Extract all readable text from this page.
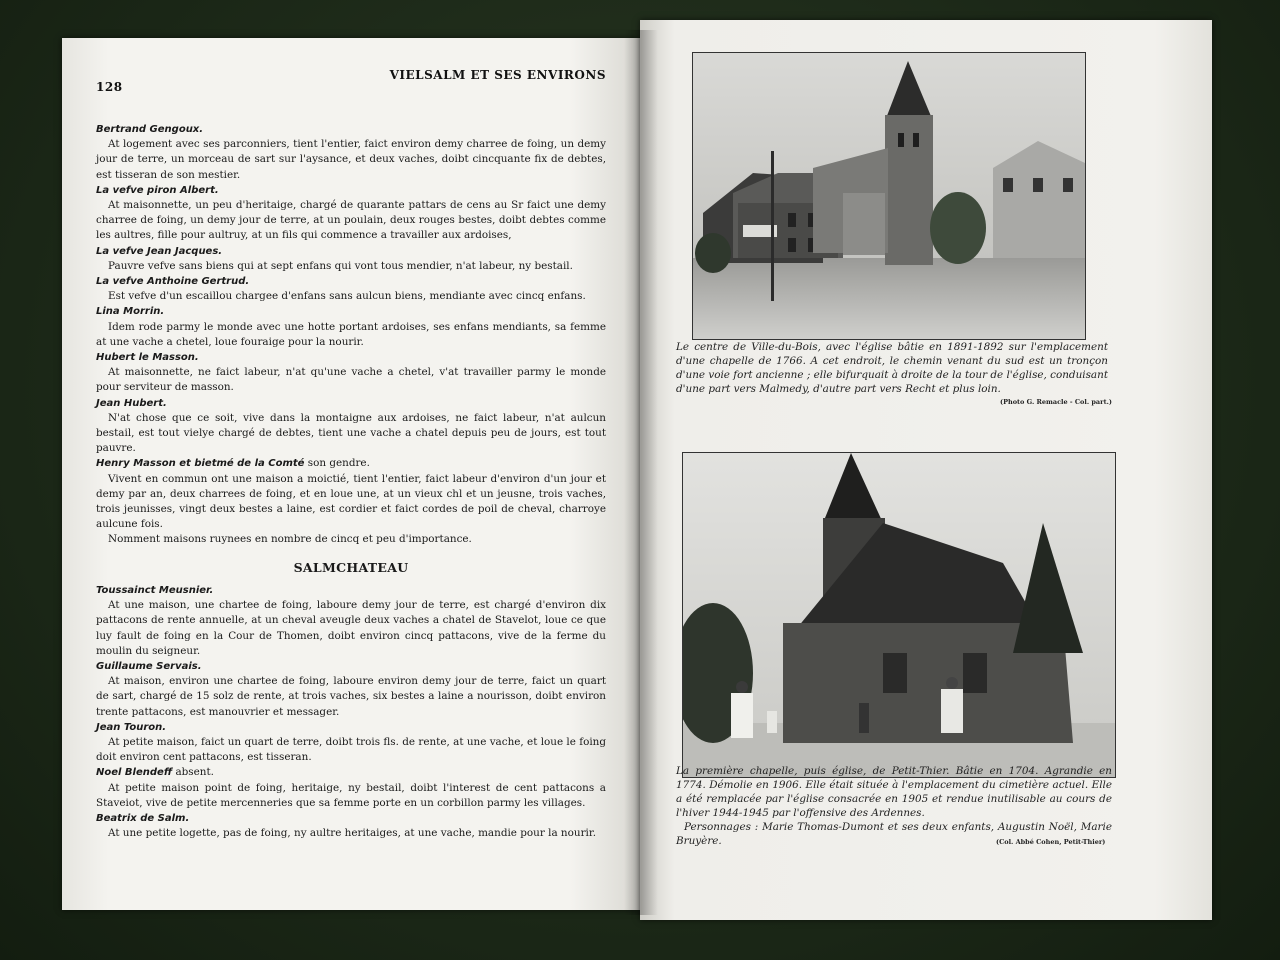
128
VIELSALM ET SES ENVIRONS
Bertrand Gengoux.

At logement avec ses parconniers, tient l'entier, faict environ demy charree de foing, un demy jour de terre, un morceau de sart sur l'aysance, et deux vaches, doibt cincquante fix de debtes, est tisseran de son mestier.

La vefve piron Albert.

At maisonnette, un peu d'heritaige, chargé de quarante pattars de cens au Sr faict une demy charree de foing, un demy jour de terre, at un poulain, deux rouges bestes, doibt debtes comme les aultres, fille pour aultruy, at un fils qui commence a travailler aux ardoises,

La vefve Jean Jacques.

Pauvre vefve sans biens qui at sept enfans qui vont tous mendier, n'at labeur, ny bestail.

La vefve Anthoine Gertrud.

Est vefve d'un escaillou chargee d'enfans sans aulcun biens, mendiante avec cincq enfans.

Lina Morrin.

Idem rode parmy le monde avec une hotte portant ardoises, ses enfans mendiants, sa femme at une vache a chetel, loue fouraige pour la nourir.

Hubert le Masson.

At maisonnette, ne faict labeur, n'at qu'une vache a chetel, v'at travailler parmy le monde pour serviteur de masson.

Jean Hubert.

N'at chose que ce soit, vive dans la montaigne aux ardoises, ne faict labeur, n'at aulcun bestail, est tout vielye chargé de debtes, tient une vache a chatel depuis peu de jours, est tout pauvre.

Henry Masson et bietmé de la Comté son gendre.

Vivent en commun ont une maison a moictié, tient l'entier, faict labeur d'environ d'un jour et demy par an, deux charrees de foing, et en loue une, at un vieux chl et un jeusne, trois vaches, trois jeunisses, vingt deux bestes a laine, est cordier et faict cordes de poil de cheval, charroye aulcune fois.

Nomment maisons ruynees en nombre de cincq et peu d'importance.

SALMCHATEAU
Toussainct Meusnier.

At une maison, une chartee de foing, laboure demy jour de terre, est chargé d'environ dix pattacons de rente annuelle, at un cheval aveugle deux vaches a chatel de Stavelot, loue ce que luy fault de foing en la Cour de Thomen, doibt environ cincq pattacons, vive de la ferme du moulin du seigneur.

Guillaume Servais.

At maison, environ une chartee de foing, laboure environ demy jour de terre, faict un quart de sart, chargé de 15 solz de rente, at trois vaches, six bestes a laine a nourisson, doibt environ trente pattacons, est manouvrier et messager.

Jean Touron.

At petite maison, faict un quart de terre, doibt trois fls. de rente, at une vache, et loue le foing doit environ cent pattacons, est tisseran.

Noel Blendeff absent.

At petite maison point de foing, heritaige, ny bestail, doibt l'interest de cent pattacons a Staveiot, vive de petite mercenneries que sa femme porte en un corbillon parmy les villages.

Beatrix de Salm.

At une petite logette, pas de foing, ny aultre heritaiges, at une vache, mandie pour la nourir.

Le centre de Ville-du-Bois, avec l'église bâtie en 1891-1892 sur l'emplacement d'une chapelle de 1766. A cet endroit, le chemin venant du sud est un tronçon d'une voie fort ancienne ; elle bifurquait à droite de la tour de l'église, conduisant d'une part vers Malmedy, d'autre part vers Recht et plus loin.
(Photo G. Remacle - Col. part.)

La première chapelle, puis église, de Petit-Thier. Bâtie en 1704. Agrandie en 1774. Démolie en 1906. Elle était située à l'emplacement du cimetière actuel. Elle a été remplacée par l'église consacrée en 1905 et rendue inutilisable au cours de l'hiver 1944-1945 par l'offensive des Ardennes.

Personnages : Marie Thomas-Dumont et ses deux enfants, Augustin Noël, Marie Bruyère.	(Col. Abbé Cohen, Petit-Thier)
